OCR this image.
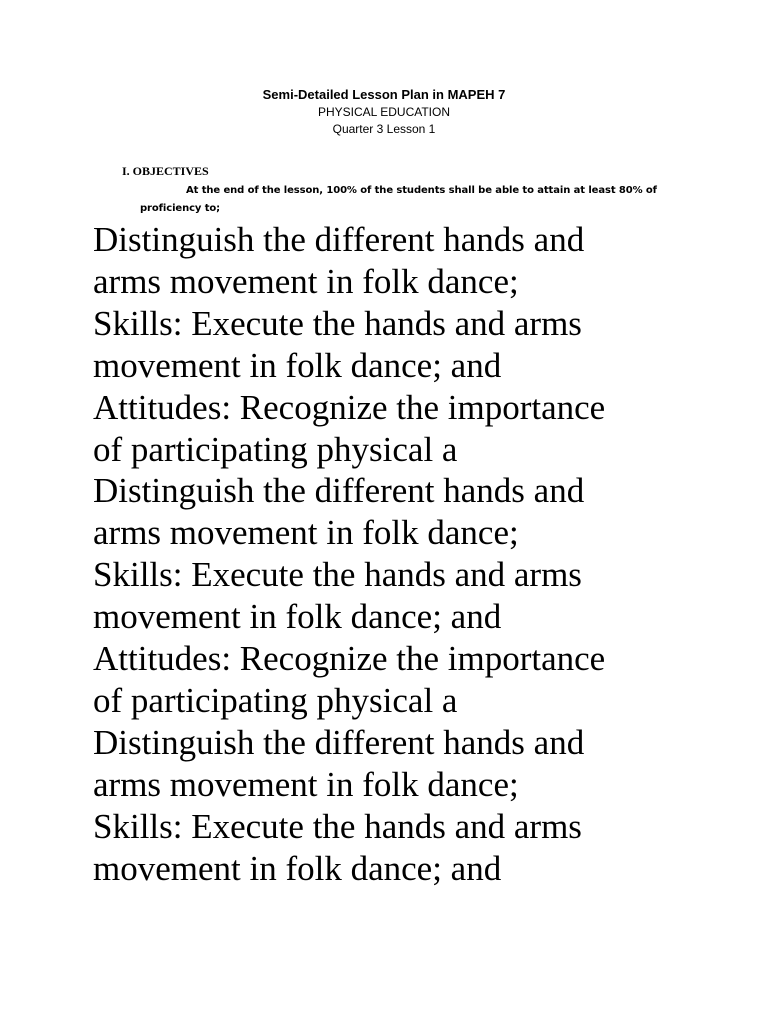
Semi-Detailed Lesson Plan in MAPEH 7

PHYSICAL EDUCATION

Quarter 3 Lesson 1

I. OBJECTIVES

At the end of the lesson, 100% of the students shall be able to attain at least 80% of proficiency to;

Distinguish the different hands and
arms movement in folk dance;
Skills: Execute the hands and arms
movement in folk dance; and
Attitudes: Recognize the importance
of participating physical a
Distinguish the different hands and
arms movement in folk dance;
Skills: Execute the hands and arms
movement in folk dance; and
Attitudes: Recognize the importance
of participating physical a
Distinguish the different hands and
arms movement in folk dance;
Skills: Execute the hands and arms
movement in folk dance; and
